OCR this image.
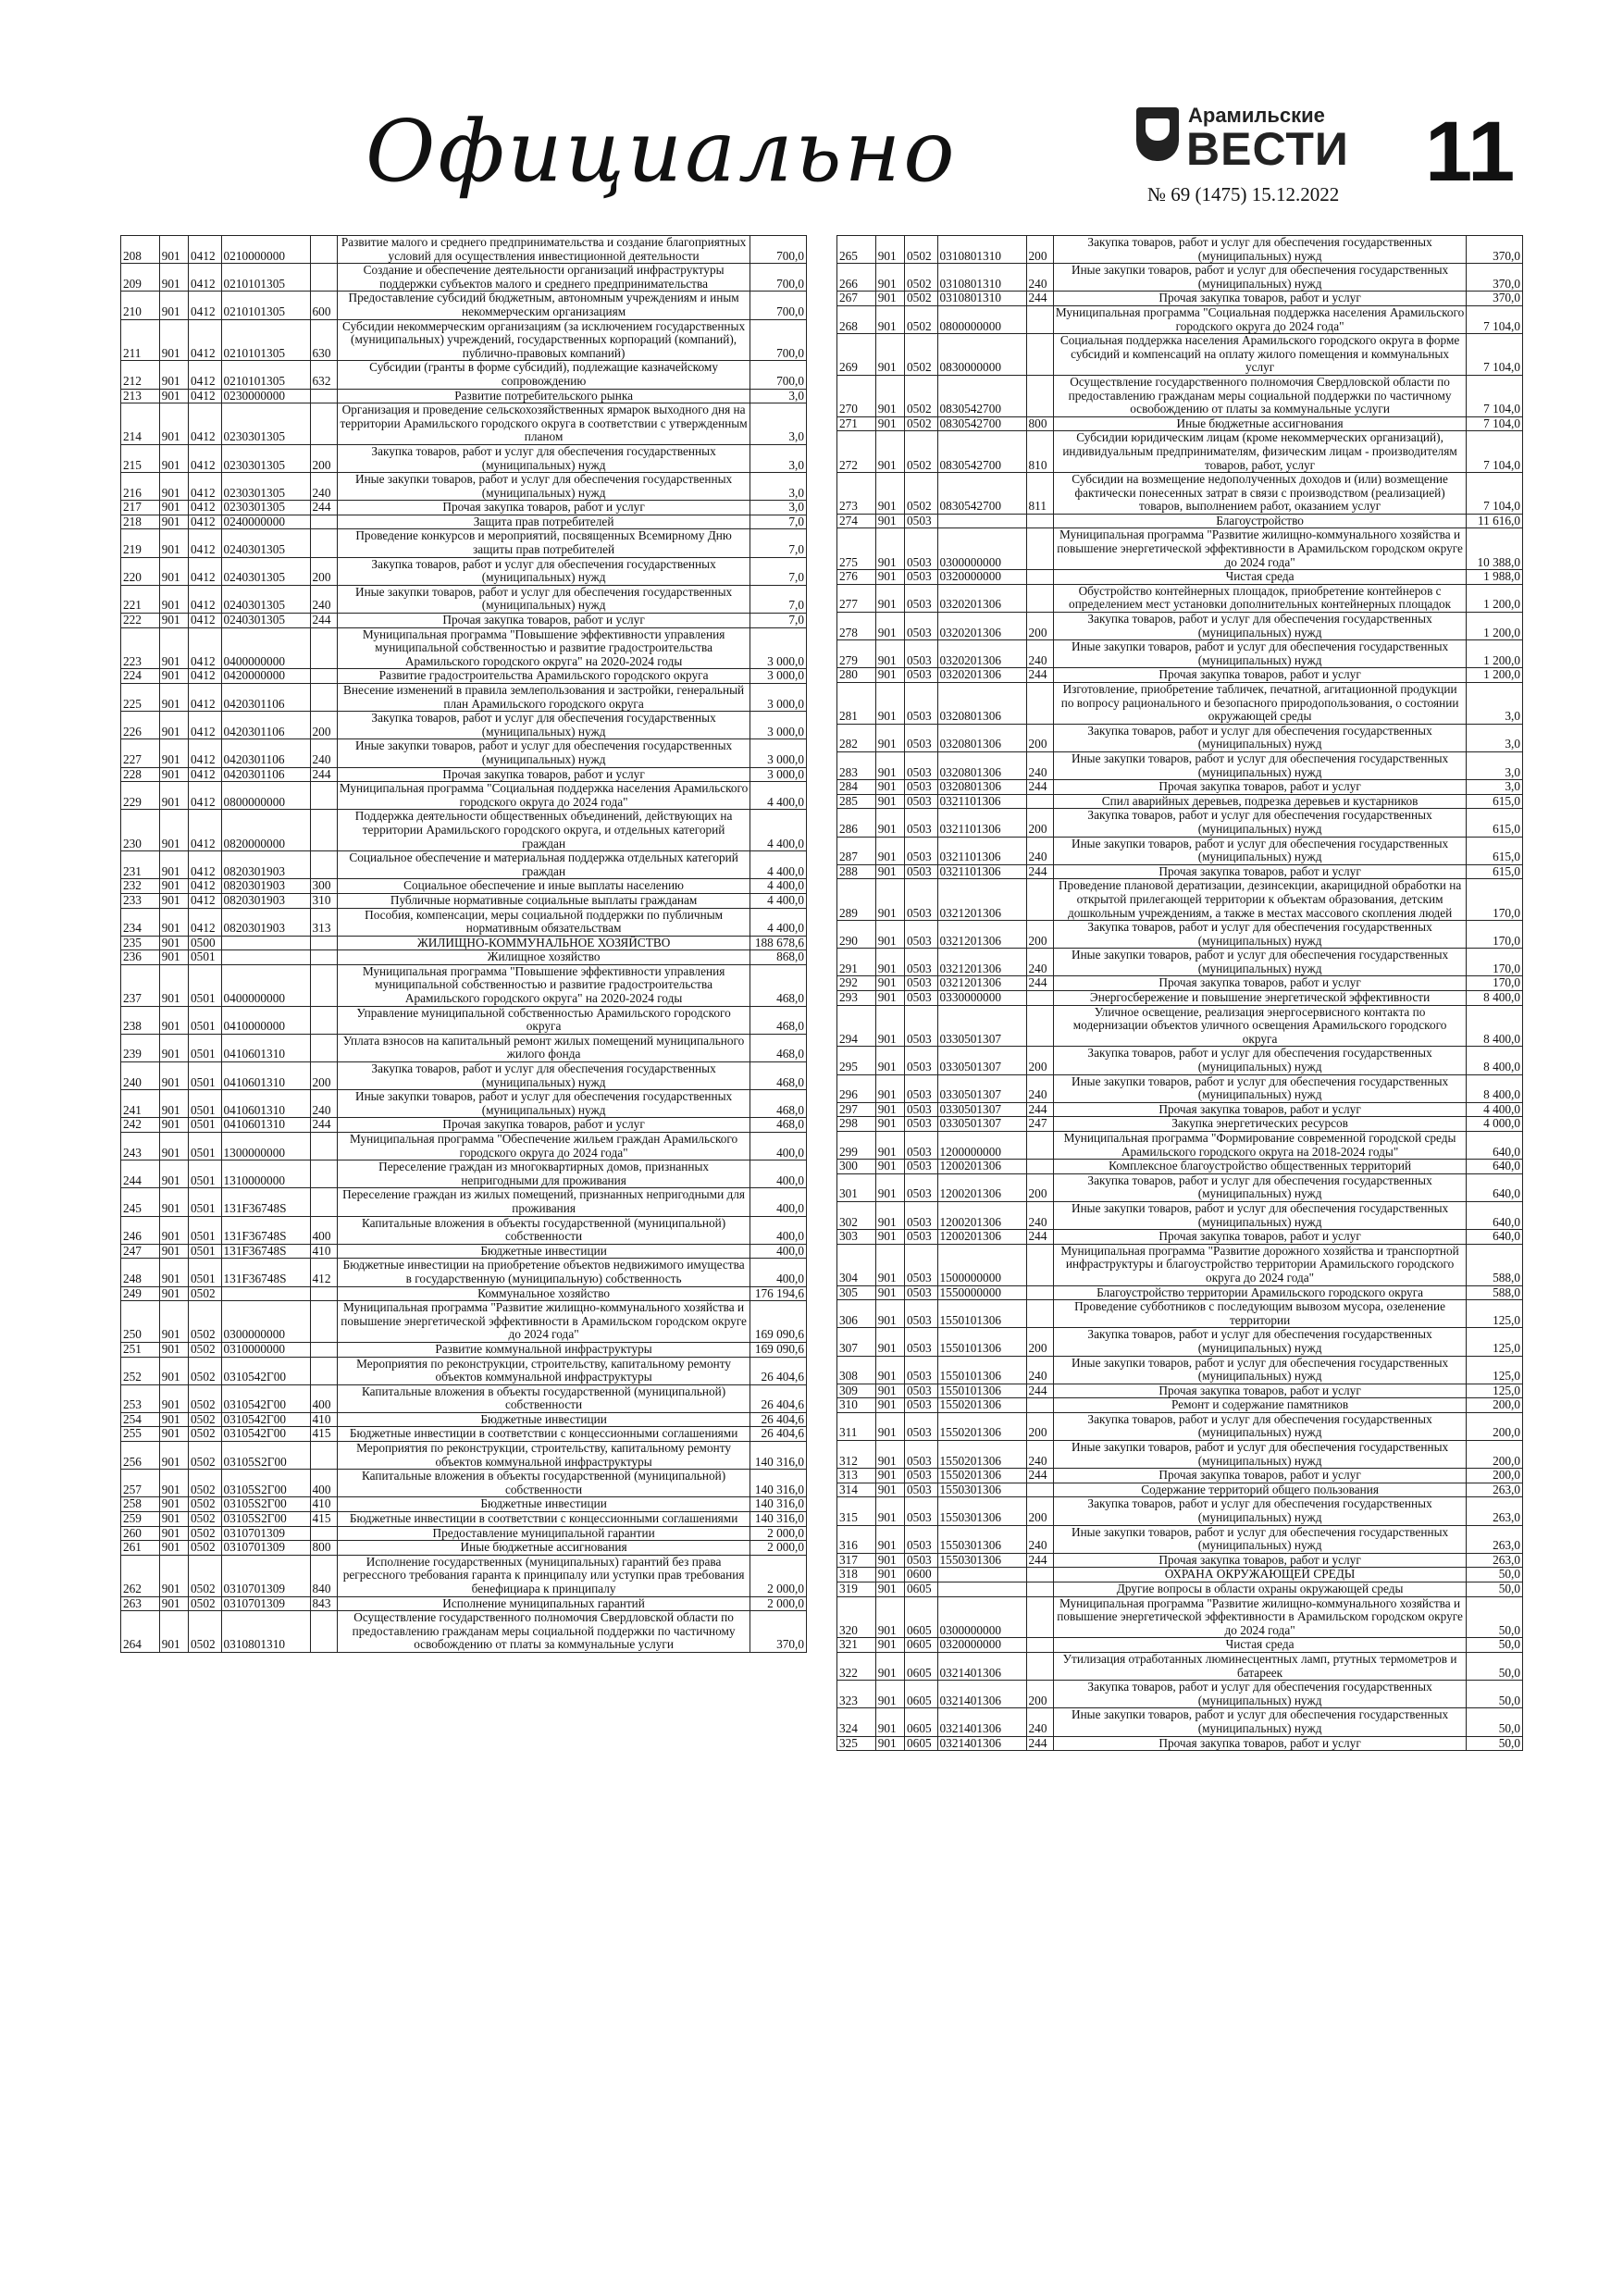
Официально	Арамильские
ВЕСТИ 11
№ 69 (1475) 15.12.2022
208	901	0412	0210000000		Развитие малого и среднего предпринимательства и создание благоприятных условий для осуществления инвестиционной деятельности	700,0
209	901	0412	0210101305		Создание и обеспечение деятельности организаций инфраструктуры поддержки субъектов малого и среднего предпринимательства	700,0
210	901	0412	0210101305	600	Предоставление субсидий бюджетным, автономным учреждениям и иным некоммерческим организациям	700,0
211	901	0412	0210101305	630	Субсидии некоммерческим организациям (за исключением государственных (муниципальных) учреждений, государственных корпораций (компаний), публично-правовых компаний)	700,0
212	901	0412	0210101305	632	Субсидии (гранты в форме субсидий), подлежащие казначейскому сопровождению	700,0
213	901	0412	0230000000		Развитие потребительского рынка	3,0
214	901	0412	0230301305		Организация и проведение сельскохозяйственных ярмарок выходного дня на территории Арамильского городского округа в соответствии с утвержденным планом	3,0
215	901	0412	0230301305	200	Закупка товаров, работ и услуг для обеспечения государственных (муниципальных) нужд	3,0
216	901	0412	0230301305	240	Иные закупки товаров, работ и услуг для обеспечения государственных (муниципальных) нужд	3,0
217	901	0412	0230301305	244	Прочая закупка товаров, работ и услуг	3,0
218	901	0412	0240000000		Защита прав потребителей	7,0
219	901	0412	0240301305		Проведение конкурсов и мероприятий, посвященных Всемирному Дню защиты прав потребителей	7,0
220	901	0412	0240301305	200	Закупка товаров, работ и услуг для обеспечения государственных (муниципальных) нужд	7,0
221	901	0412	0240301305	240	Иные закупки товаров, работ и услуг для обеспечения государственных (муниципальных) нужд	7,0
222	901	0412	0240301305	244	Прочая закупка товаров, работ и услуг	7,0
223	901	0412	0400000000		Муниципальная программа "Повышение эффективности управления муниципальной собственностью и развитие градостроительства Арамильского городского округа" на 2020-2024 годы	3 000,0
224	901	0412	0420000000		Развитие градостроительства Арамильского городского округа	3 000,0
225	901	0412	0420301106		Внесение изменений в правила землепользования и застройки, генеральный план Арамильского городского округа	3 000,0
226	901	0412	0420301106	200	Закупка товаров, работ и услуг для обеспечения государственных (муниципальных) нужд	3 000,0
227	901	0412	0420301106	240	Иные закупки товаров, работ и услуг для обеспечения государственных (муниципальных) нужд	3 000,0
228	901	0412	0420301106	244	Прочая закупка товаров, работ и услуг	3 000,0
229	901	0412	0800000000		Муниципальная программа "Социальная поддержка населения Арамильского городского округа до 2024 года"	4 400,0
230	901	0412	0820000000		Поддержка деятельности общественных объединений, действующих на территории Арамильского городского округа, и отдельных категорий граждан	4 400,0
231	901	0412	0820301903		Социальное обеспечение и материальная поддержка отдельных категорий граждан	4 400,0
232	901	0412	0820301903	300	Социальное обеспечение и иные выплаты населению	4 400,0
233	901	0412	0820301903	310	Публичные нормативные социальные выплаты гражданам	4 400,0
234	901	0412	0820301903	313	Пособия, компенсации, меры социальной поддержки по публичным нормативным обязательствам	4 400,0
235	901	0500			ЖИЛИЩНО-КОММУНАЛЬНОЕ ХОЗЯЙСТВО	188 678,6
236	901	0501			Жилищное хозяйство	868,0
237	901	0501	0400000000		Муниципальная программа "Повышение эффективности управления муниципальной собственностью и развитие градостроительства Арамильского городского округа" на 2020-2024 годы	468,0
238	901	0501	0410000000		Управление муниципальной собственностью Арамильского городского округа	468,0
239	901	0501	0410601310		Уплата взносов на капитальный ремонт жилых помещений муниципального жилого фонда	468,0
240	901	0501	0410601310	200	Закупка товаров, работ и услуг для обеспечения государственных (муниципальных) нужд	468,0
241	901	0501	0410601310	240	Иные закупки товаров, работ и услуг для обеспечения государственных (муниципальных) нужд	468,0
242	901	0501	0410601310	244	Прочая закупка товаров, работ и услуг	468,0
243	901	0501	1300000000		Муниципальная программа "Обеспечение жильем граждан Арамильского городского округа до 2024 года"	400,0
244	901	0501	1310000000		Переселение граждан из многоквартирных домов, признанных непригодными для проживания	400,0
245	901	0501	131F36748S		Переселение граждан из жилых помещений, признанных непригодными для проживания	400,0
246	901	0501	131F36748S	400	Капитальные вложения в объекты государственной (муниципальной) собственности	400,0
247	901	0501	131F36748S	410	Бюджетные инвестиции	400,0
248	901	0501	131F36748S	412	Бюджетные инвестиции на приобретение объектов недвижимого имущества в государственную (муниципальную) собственность	400,0
249	901	0502			Коммунальное хозяйство	176 194,6
250	901	0502	0300000000		Муниципальная программа "Развитие жилищно-коммунального хозяйства и повышение энергетической эффективности в Арамильском городском округе до 2024 года"	169 090,6
251	901	0502	0310000000		Развитие коммунальной инфраструктуры	169 090,6
252	901	0502	0310542Г00		Мероприятия по реконструкции, строительству, капитальному ремонту объектов коммунальной инфраструктуры	26 404,6
253	901	0502	0310542Г00	400	Капитальные вложения в объекты государственной (муниципальной) собственности	26 404,6
254	901	0502	0310542Г00	410	Бюджетные инвестиции	26 404,6
255	901	0502	0310542Г00	415	Бюджетные инвестиции в соответствии с концессионными соглашениями	26 404,6
256	901	0502	03105S2Г00		Мероприятия по реконструкции, строительству, капитальному ремонту объектов коммунальной инфраструктуры	140 316,0
257	901	0502	03105S2Г00	400	Капитальные вложения в объекты государственной (муниципальной) собственности	140 316,0
258	901	0502	03105S2Г00	410	Бюджетные инвестиции	140 316,0
259	901	0502	03105S2Г00	415	Бюджетные инвестиции в соответствии с концессионными соглашениями	140 316,0
260	901	0502	0310701309		Предоставление муниципальной гарантии	2 000,0
261	901	0502	0310701309	800	Иные бюджетные ассигнования	2 000,0
262	901	0502	0310701309	840	Исполнение государственных (муниципальных) гарантий без права регрессного требования гаранта к принципалу или уступки прав требования бенефициара к принципалу	2 000,0
263	901	0502	0310701309	843	Исполнение муниципальных гарантий	2 000,0
264	901	0502	0310801310		Осуществление государственного полномочия Свердловской области по предоставлению гражданам меры социальной поддержки по частичному освобождению от платы за коммунальные услуги	370,0
265	901	0502	0310801310	200	Закупка товаров, работ и услуг для обеспечения государственных (муниципальных) нужд	370,0
266	901	0502	0310801310	240	Иные закупки товаров, работ и услуг для обеспечения государственных (муниципальных) нужд	370,0
267	901	0502	0310801310	244	Прочая закупка товаров, работ и услуг	370,0
268	901	0502	0800000000		Муниципальная программа "Социальная поддержка населения Арамильского городского округа до 2024 года"	7 104,0
269	901	0502	0830000000		Социальная поддержка населения Арамильского городского округа в форме субсидий и компенсаций на оплату жилого помещения и коммунальных услуг	7 104,0
270	901	0502	0830542700		Осуществление государственного полномочия Свердловской области по предоставлению гражданам меры социальной поддержки по частичному освобождению от платы за коммунальные услуги	7 104,0
271	901	0502	0830542700	800	Иные бюджетные ассигнования	7 104,0
272	901	0502	0830542700	810	Субсидии юридическим лицам (кроме некоммерческих организаций), индивидуальным предпринимателям, физическим лицам - производителям товаров, работ, услуг	7 104,0
273	901	0502	0830542700	811	Субсидии на возмещение недополученных доходов и (или) возмещение фактически понесенных затрат в связи с производством (реализацией) товаров, выполнением работ, оказанием услуг	7 104,0
274	901	0503			Благоустройство	11 616,0
275	901	0503	0300000000		Муниципальная программа "Развитие жилищно-коммунального хозяйства и повышение энергетической эффективности в Арамильском городском округе до 2024 года"	10 388,0
276	901	0503	0320000000		Чистая среда	1 988,0
277	901	0503	0320201306		Обустройство контейнерных площадок, приобретение контейнеров с определением мест установки дополнительных контейнерных площадок	1 200,0
278	901	0503	0320201306	200	Закупка товаров, работ и услуг для обеспечения государственных (муниципальных) нужд	1 200,0
279	901	0503	0320201306	240	Иные закупки товаров, работ и услуг для обеспечения государственных (муниципальных) нужд	1 200,0
280	901	0503	0320201306	244	Прочая закупка товаров, работ и услуг	1 200,0
281	901	0503	0320801306		Изготовление, приобретение табличек, печатной, агитационной продукции по вопросу рационального и безопасного природопользования, о состоянии окружающей среды	3,0
282	901	0503	0320801306	200	Закупка товаров, работ и услуг для обеспечения государственных (муниципальных) нужд	3,0
283	901	0503	0320801306	240	Иные закупки товаров, работ и услуг для обеспечения государственных (муниципальных) нужд	3,0
284	901	0503	0320801306	244	Прочая закупка товаров, работ и услуг	3,0
285	901	0503	0321101306		Спил аварийных деревьев, подрезка деревьев и кустарников	615,0
286	901	0503	0321101306	200	Закупка товаров, работ и услуг для обеспечения государственных (муниципальных) нужд	615,0
287	901	0503	0321101306	240	Иные закупки товаров, работ и услуг для обеспечения государственных (муниципальных) нужд	615,0
288	901	0503	0321101306	244	Прочая закупка товаров, работ и услуг	615,0
289	901	0503	0321201306		Проведение плановой дератизации, дезинсекции, акарицидной обработки на открытой прилегающей территории к объектам образования, детским дошкольным учреждениям, а также в местах массового скопления людей	170,0
290	901	0503	0321201306	200	Закупка товаров, работ и услуг для обеспечения государственных (муниципальных) нужд	170,0
291	901	0503	0321201306	240	Иные закупки товаров, работ и услуг для обеспечения государственных (муниципальных) нужд	170,0
292	901	0503	0321201306	244	Прочая закупка товаров, работ и услуг	170,0
293	901	0503	0330000000		Энергосбережение и повышение энергетической эффективности	8 400,0
294	901	0503	0330501307		Уличное освещение, реализация энергосервисного контакта по модернизации объектов уличного освещения Арамильского городского округа	8 400,0
295	901	0503	0330501307	200	Закупка товаров, работ и услуг для обеспечения государственных (муниципальных) нужд	8 400,0
296	901	0503	0330501307	240	Иные закупки товаров, работ и услуг для обеспечения государственных (муниципальных) нужд	8 400,0
297	901	0503	0330501307	244	Прочая закупка товаров, работ и услуг	4 400,0
298	901	0503	0330501307	247	Закупка энергетических ресурсов	4 000,0
299	901	0503	1200000000		Муниципальная программа "Формирование современной городской среды Арамильского городского округа на 2018-2024 годы"	640,0
300	901	0503	1200201306		Комплексное благоустройство общественных территорий	640,0
301	901	0503	1200201306	200	Закупка товаров, работ и услуг для обеспечения государственных (муниципальных) нужд	640,0
302	901	0503	1200201306	240	Иные закупки товаров, работ и услуг для обеспечения государственных (муниципальных) нужд	640,0
303	901	0503	1200201306	244	Прочая закупка товаров, работ и услуг	640,0
304	901	0503	1500000000		Муниципальная программа "Развитие дорожного хозяйства и транспортной инфраструктуры и благоустройство территории Арамильского городского округа до 2024 года"	588,0
305	901	0503	1550000000		Благоустройство территории Арамильского городского округа	588,0
306	901	0503	1550101306		Проведение субботников с последующим вывозом мусора, озеленение территории	125,0
307	901	0503	1550101306	200	Закупка товаров, работ и услуг для обеспечения государственных (муниципальных) нужд	125,0
308	901	0503	1550101306	240	Иные закупки товаров, работ и услуг для обеспечения государственных (муниципальных) нужд	125,0
309	901	0503	1550101306	244	Прочая закупка товаров, работ и услуг	125,0
310	901	0503	1550201306		Ремонт и содержание памятников	200,0
311	901	0503	1550201306	200	Закупка товаров, работ и услуг для обеспечения государственных (муниципальных) нужд	200,0
312	901	0503	1550201306	240	Иные закупки товаров, работ и услуг для обеспечения государственных (муниципальных) нужд	200,0
313	901	0503	1550201306	244	Прочая закупка товаров, работ и услуг	200,0
314	901	0503	1550301306		Содержание территорий общего пользования	263,0
315	901	0503	1550301306	200	Закупка товаров, работ и услуг для обеспечения государственных (муниципальных) нужд	263,0
316	901	0503	1550301306	240	Иные закупки товаров, работ и услуг для обеспечения государственных (муниципальных) нужд	263,0
317	901	0503	1550301306	244	Прочая закупка товаров, работ и услуг	263,0
318	901	0600			ОХРАНА ОКРУЖАЮЩЕЙ СРЕДЫ	50,0
319	901	0605			Другие вопросы в области охраны окружающей среды	50,0
320	901	0605	0300000000		Муниципальная программа "Развитие жилищно-коммунального хозяйства и повышение энергетической эффективности в Арамильском городском округе до 2024 года"	50,0
321	901	0605	0320000000		Чистая среда	50,0
322	901	0605	0321401306		Утилизация отработанных люминесцентных ламп, ртутных термометров и батареек	50,0
323	901	0605	0321401306	200	Закупка товаров, работ и услуг для обеспечения государственных (муниципальных) нужд	50,0
324	901	0605	0321401306	240	Иные закупки товаров, работ и услуг для обеспечения государственных (муниципальных) нужд	50,0
325	901	0605	0321401306	244	Прочая закупка товаров, работ и услуг	50,0
